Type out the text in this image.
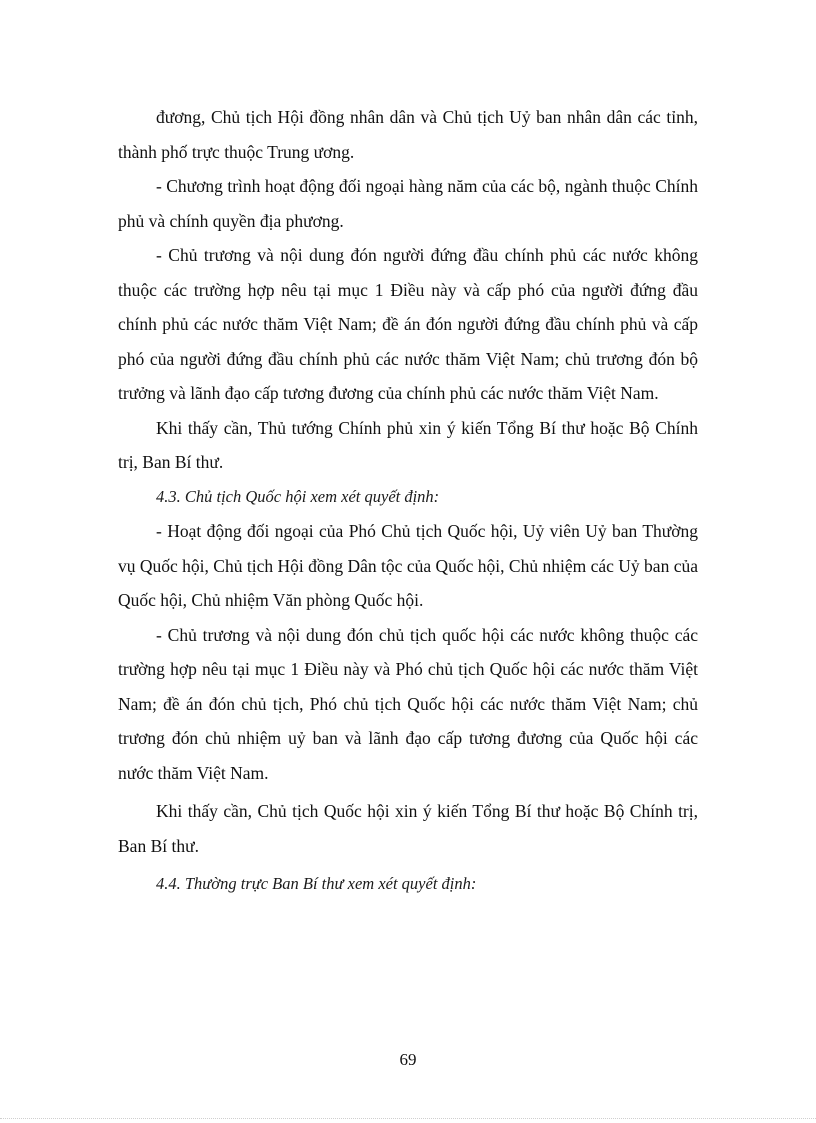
đương, Chủ tịch Hội đồng nhân dân và Chủ tịch Uỷ ban nhân dân các tỉnh, thành phố trực thuộc Trung ương.

- Chương trình hoạt động đối ngoại hàng năm của các bộ, ngành thuộc Chính phủ và chính quyền địa phương.

- Chủ trương và nội dung đón người đứng đầu chính phủ các nước không thuộc các trường hợp nêu tại mục 1 Điều này và cấp phó của người đứng đầu chính phủ các nước thăm Việt Nam; đề án đón người đứng đầu chính phủ và cấp phó của người đứng đầu chính phủ các nước thăm Việt Nam; chủ trương đón bộ trưởng và lãnh đạo cấp tương đương của chính phủ các nước thăm Việt Nam.

Khi thấy cần, Thủ tướng Chính phủ xin ý kiến Tổng Bí thư hoặc Bộ Chính trị, Ban Bí thư.

4.3. Chủ tịch Quốc hội xem xét quyết định:

- Hoạt động đối ngoại của Phó Chủ tịch Quốc hội, Uỷ viên Uỷ ban Thường vụ Quốc hội, Chủ tịch Hội đồng Dân tộc của Quốc hội, Chủ nhiệm các Uỷ ban của Quốc hội, Chủ nhiệm Văn phòng Quốc hội.

- Chủ trương và nội dung đón chủ tịch quốc hội các nước không thuộc các trường hợp nêu tại mục 1 Điều này và Phó chủ tịch Quốc hội các nước thăm Việt Nam; đề án đón chủ tịch, Phó chủ tịch Quốc hội các nước thăm Việt Nam; chủ trương đón chủ nhiệm uỷ ban và lãnh đạo cấp tương đương của Quốc hội các nước thăm Việt Nam.

Khi thấy cần, Chủ tịch Quốc hội xin ý kiến Tổng Bí thư hoặc Bộ Chính trị, Ban Bí thư.

4.4. Thường trực Ban Bí thư xem xét quyết định:

69
